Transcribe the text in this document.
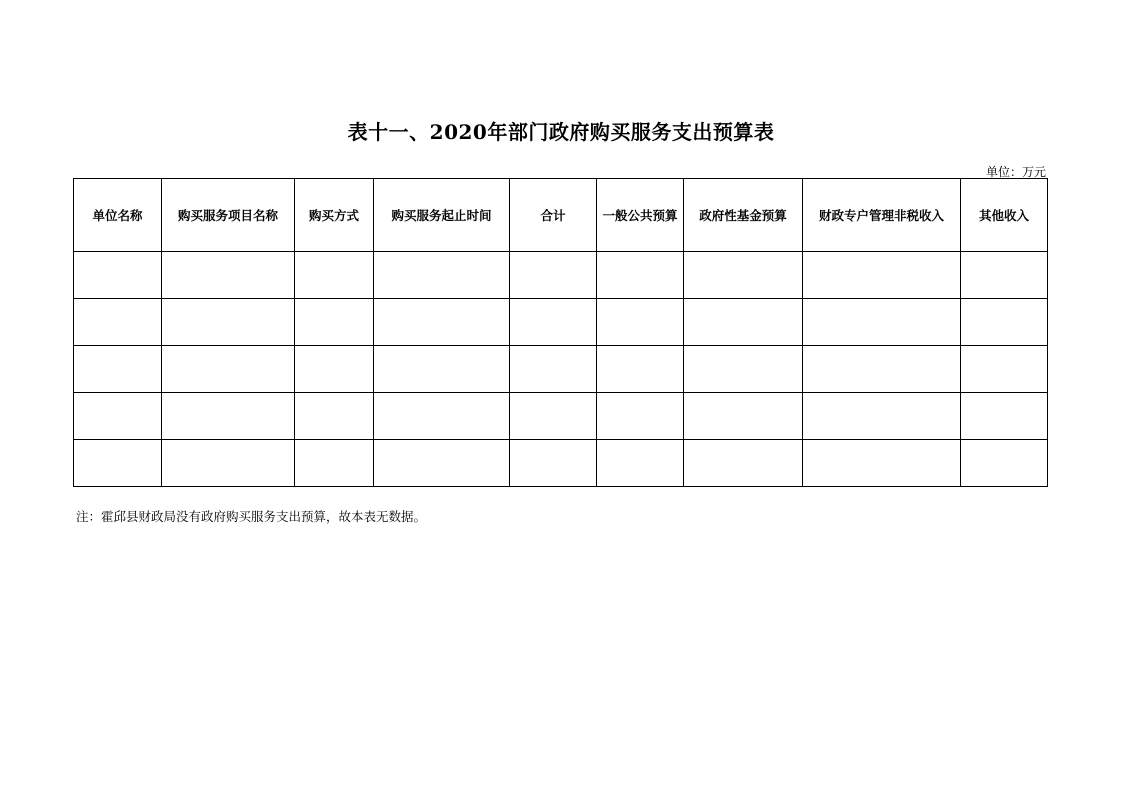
表十一、2020年部门政府购买服务支出预算表
单位：万元
单位名称	购买服务项目名称	购买方式	购买服务起止时间	合计	一般公共预算	政府性基金预算	财政专户管理非税收入	其他收入

注：霍邱县财政局没有政府购买服务支出预算，故本表无数据。
